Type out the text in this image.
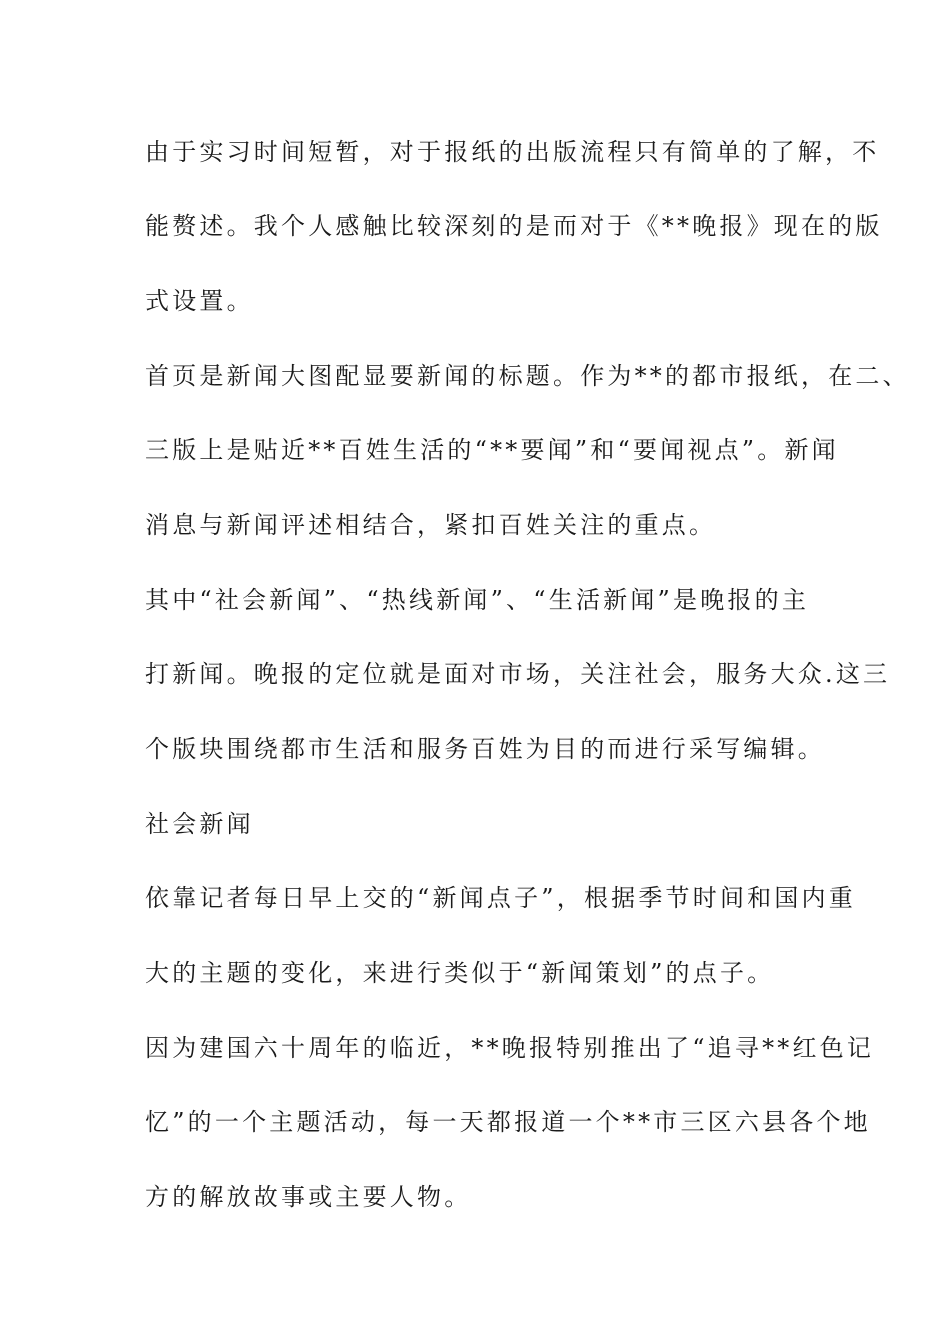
由于实习时间短暂，对于报纸的出版流程只有简单的了解，不
能赘述。我个人感触比较深刻的是而对于《**晚报》现在的版
式设置。
首页是新闻大图配显要新闻的标题。作为**的都市报纸，在二、
三版上是贴近**百姓生活的“**要闻”和“要闻视点”。新闻
消息与新闻评述相结合，紧扣百姓关注的重点。
其中“社会新闻”、“热线新闻”、“生活新闻”是晚报的主
打新闻。晚报的定位就是面对市场，关注社会，服务大众.这三
个版块围绕都市生活和服务百姓为目的而进行采写编辑。
社会新闻
依靠记者每日早上交的“新闻点子”，根据季节时间和国内重
大的主题的变化，来进行类似于“新闻策划”的点子。
因为建国六十周年的临近，**晚报特别推出了“追寻**红色记
忆”的一个主题活动，每一天都报道一个**市三区六县各个地
方的解放故事或主要人物。
